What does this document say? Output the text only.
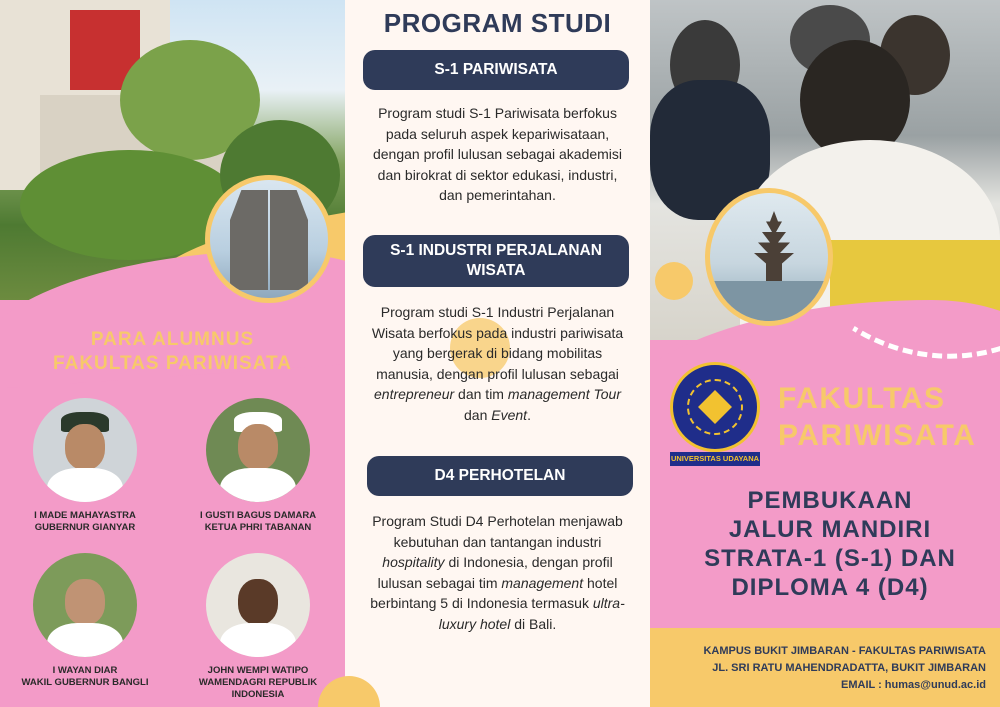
PARA ALUMNUS
FAKULTAS PARIWISATA
I MADE MAHAYASTRA
GUBERNUR GIANYAR
I GUSTI BAGUS DAMARA
KETUA PHRI TABANAN
I WAYAN DIAR
WAKIL GUBERNUR BANGLI
JOHN WEMPI WATIPO
WAMENDAGRI REPUBLIK INDONESIA
PROGRAM STUDI
S-1 PARIWISATA
Program studi S-1 Pariwisata berfokus pada seluruh aspek kepariwisataan, dengan profil lulusan sebagai akademisi dan birokrat di sektor edukasi, industri, dan pemerintahan.
S-1 INDUSTRI PERJALANAN
WISATA
Program studi S-1 Industri Perjalanan Wisata berfokus pada industri pariwisata yang bergerak di bidang mobilitas manusia, dengan profil lulusan sebagai entrepreneur dan tim management Tour dan Event.
D4 PERHOTELAN
Program Studi D4 Perhotelan menjawab kebutuhan dan tantangan industri hospitality di Indonesia, dengan profil lulusan sebagai tim management hotel berbintang 5 di Indonesia termasuk ultra-luxury hotel di Bali.
UNIVERSITAS UDAYANA
FAKULTAS
PARIWISATA
PEMBUKAAN
JALUR MANDIRI
STRATA-1 (S-1) DAN
DIPLOMA 4 (D4)
KAMPUS BUKIT JIMBARAN - FAKULTAS PARIWISATA
JL. SRI RATU MAHENDRADATTA, BUKIT JIMBARAN
EMAIL : humas@unud.ac.id
